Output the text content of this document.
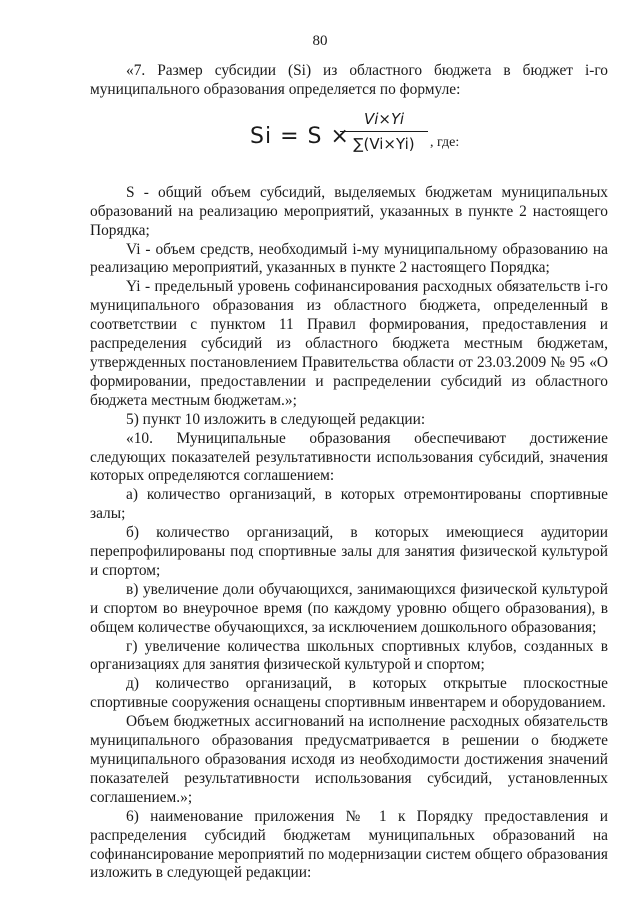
80

«7. Размер субсидии (Si) из областного бюджета в бюджет i-го муниципального образования определяется по формуле:

Si = S ×
Vi×Yi
∑(Vi×Yi)	, где:

S - общий объем субсидий, выделяемых бюджетам муниципальных образований на реализацию мероприятий, указанных в пункте 2 настоящего Порядка;

Vi - объем средств, необходимый i-му муниципальному образованию на реализацию мероприятий, указанных в пункте 2 настоящего Порядка;

Yi - предельный уровень софинансирования расходных обязательств i-го муниципального образования из областного бюджета, определенный в соответствии с пунктом 11 Правил формирования, предоставления и распределения субсидий из областного бюджета местным бюджетам, утвержденных постановлением Правительства области от 23.03.2009 № 95 «О формировании, предоставлении и распределении субсидий из областного бюджета местным бюджетам.»;

5) пункт 10 изложить в следующей редакции:

«10. Муниципальные образования обеспечивают достижение следующих показателей результативности использования субсидий, значения которых определяются соглашением:

а) количество организаций, в которых отремонтированы спортивные залы;

б) количество организаций, в которых имеющиеся аудитории перепрофилированы под спортивные залы для занятия физической культурой и спортом;

в) увеличение доли обучающихся, занимающихся физической культурой и спортом во внеурочное время (по каждому уровню общего образования), в общем количестве обучающихся, за исключением дошкольного образования;

г) увеличение количества школьных спортивных клубов, созданных в организациях для занятия физической культурой и спортом;

д) количество организаций, в которых открытые плоскостные спортивные сооружения оснащены спортивным инвентарем и оборудованием.

Объем бюджетных ассигнований на исполнение расходных обязательств муниципального образования предусматривается в решении о бюджете муниципального образования исходя из необходимости достижения значений показателей результативности использования субсидий, установленных соглашением.»;

6) наименование приложения № 1 к Порядку предоставления и распределения субсидий бюджетам муниципальных образований на софинансирование мероприятий по модернизации систем общего образования изложить в следующей редакции:
